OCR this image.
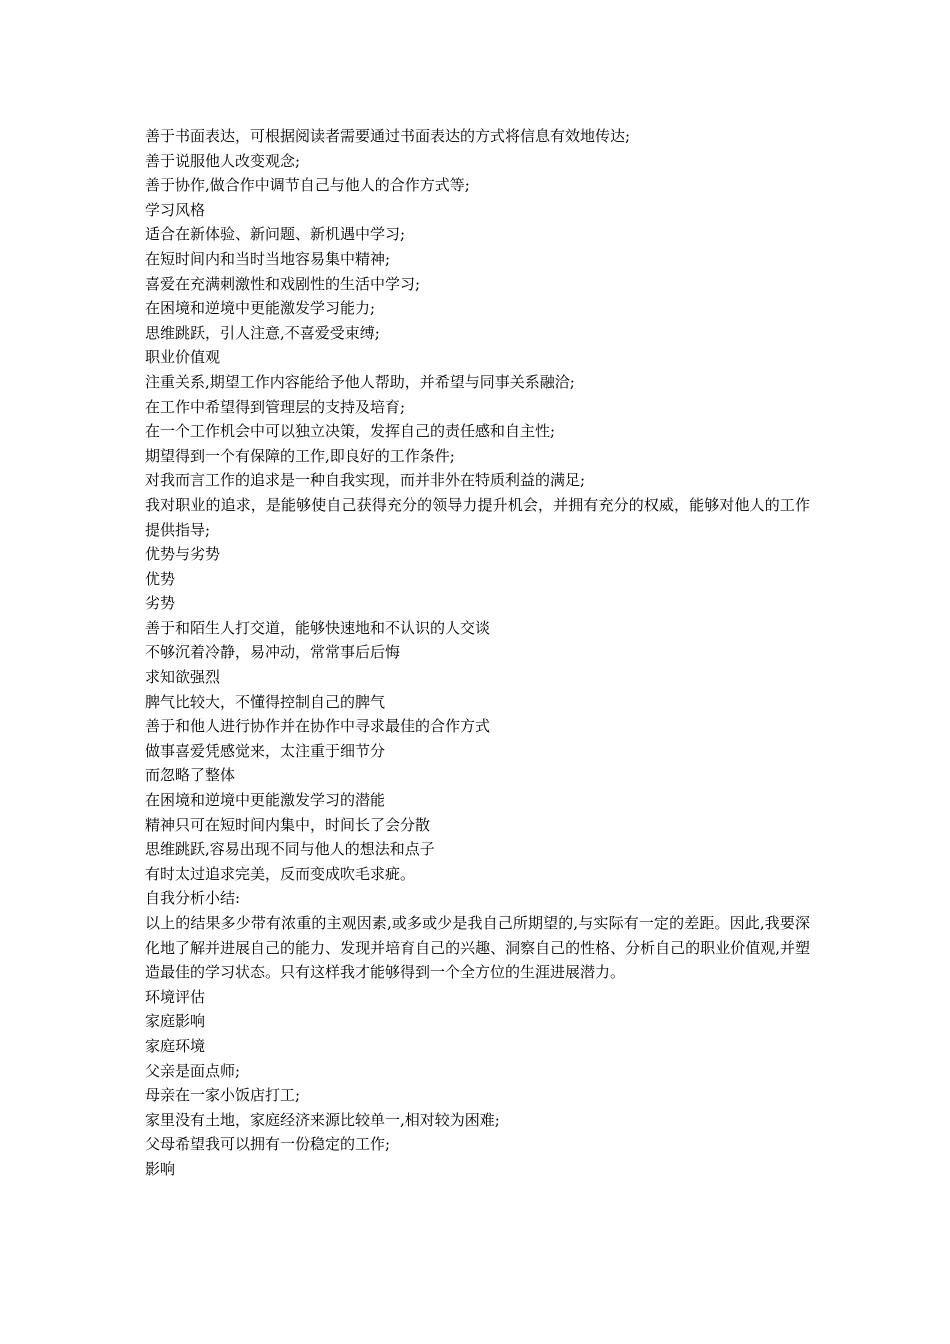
善于书面表达，可根据阅读者需要通过书面表达的方式将信息有效地传达;
善于说服他人改变观念;
善于协作,做合作中调节自己与他人的合作方式等;
学习风格
适合在新体验、新问题、新机遇中学习;
在短时间内和当时当地容易集中精神;
喜爱在充满刺激性和戏剧性的生活中学习;
在困境和逆境中更能激发学习能力;
思维跳跃，引人注意,不喜爱受束缚;
职业价值观
注重关系,期望工作内容能给予他人帮助，并希望与同事关系融洽;
在工作中希望得到管理层的支持及培育;
在一个工作机会中可以独立决策，发挥自己的责任感和自主性;
期望得到一个有保障的工作,即良好的工作条件;
对我而言工作的追求是一种自我实现，而并非外在特质利益的满足;
我对职业的追求，是能够使自己获得充分的领导力提升机会，并拥有充分的权威，能够对他人的工作提供指导;
优势与劣势
优势
劣势
善于和陌生人打交道，能够快速地和不认识的人交谈
不够沉着冷静，易冲动，常常事后后悔
求知欲强烈
脾气比较大，不懂得控制自己的脾气
善于和他人进行协作并在协作中寻求最佳的合作方式
做事喜爱凭感觉来，太注重于细节分
而忽略了整体
在困境和逆境中更能激发学习的潜能
精神只可在短时间内集中，时间长了会分散
思维跳跃,容易出现不同与他人的想法和点子
有时太过追求完美，反而变成吹毛求疵。
自我分析小结:
以上的结果多少带有浓重的主观因素,或多或少是我自己所期望的,与实际有一定的差距。因此,我要深化地了解并进展自己的能力、发现并培育自己的兴趣、洞察自己的性格、分析自己的职业价值观,并塑造最佳的学习状态。只有这样我才能够得到一个全方位的生涯进展潜力。
环境评估
家庭影响
家庭环境
父亲是面点师;
母亲在一家小饭店打工;
家里没有土地，家庭经济来源比较单一,相对较为困难;
父母希望我可以拥有一份稳定的工作;
影响
